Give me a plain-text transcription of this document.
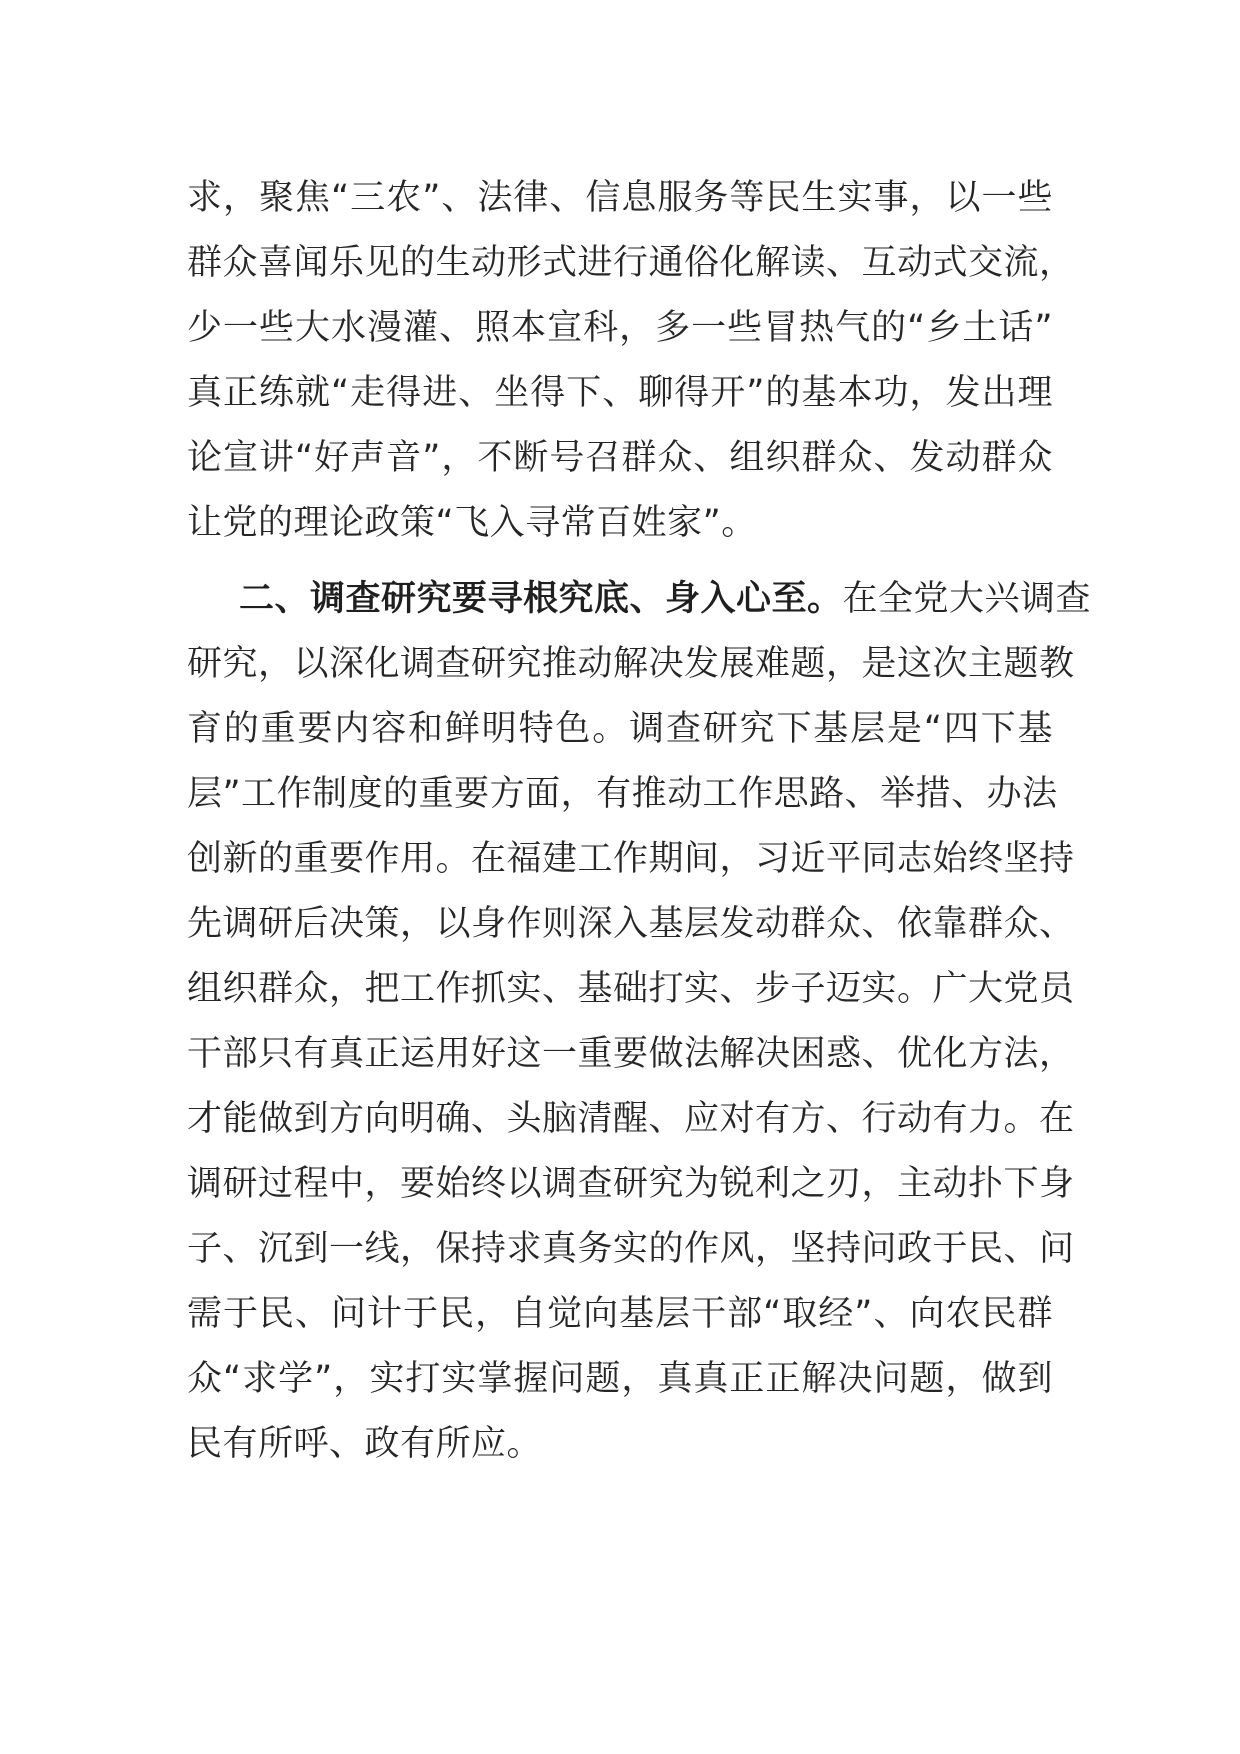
求，聚焦“三农”、法律、信息服务等民生实事，以一些
群众喜闻乐见的生动形式进行通俗化解读、互动式交流，
少一些大水漫灌、照本宣科，多一些冒热气的“乡土话”
真正练就“走得进、坐得下、聊得开”的基本功，发出理
论宣讲“好声音”，不断号召群众、组织群众、发动群众
让党的理论政策“飞入寻常百姓家”。
二、调查研究要寻根究底、身入心至。在全党大兴调查
研究，以深化调查研究推动解决发展难题，是这次主题教
育的重要内容和鲜明特色。调查研究下基层是“四下基
层”工作制度的重要方面，有推动工作思路、举措、办法
创新的重要作用。在福建工作期间，习近平同志始终坚持
先调研后决策，以身作则深入基层发动群众、依靠群众、
组织群众，把工作抓实、基础打实、步子迈实。广大党员
干部只有真正运用好这一重要做法解决困惑、优化方法，
才能做到方向明确、头脑清醒、应对有方、行动有力。在
调研过程中，要始终以调查研究为锐利之刃，主动扑下身
子、沉到一线，保持求真务实的作风，坚持问政于民、问
需于民、问计于民，自觉向基层干部“取经”、向农民群
众“求学”，实打实掌握问题，真真正正解决问题，做到
民有所呼、政有所应。
